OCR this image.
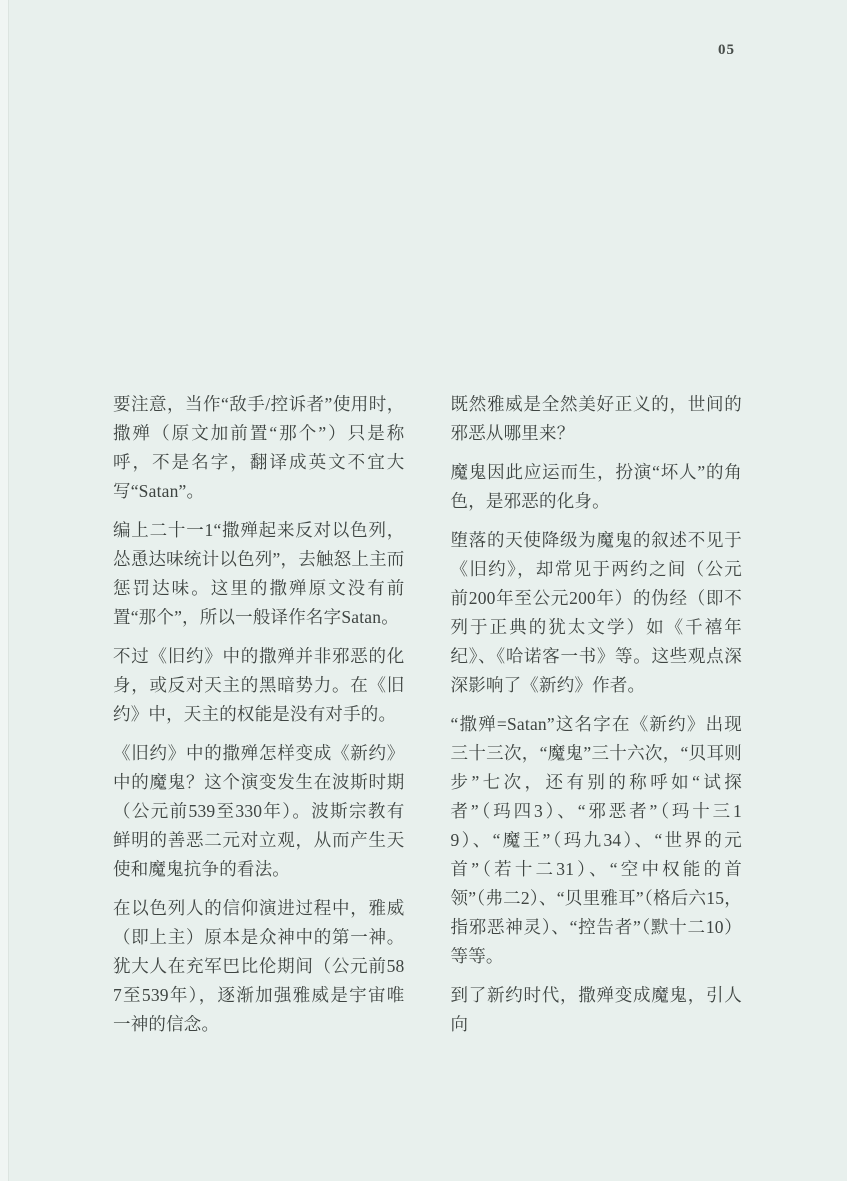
05

要注意，当作“敌手/控诉者”使用时，撒殚（原文加前置“那个”）只是称呼，不是名字，翻译成英文不宜大写“Satan”。

编上二十一1“撒殚起来反对以色列，怂恿达味统计以色列”，去触怒上主而惩罚达味。这里的撒殚原文没有前置“那个”，所以一般译作名字Satan。

不过《旧约》中的撒殚并非邪恶的化身，或反对天主的黑暗势力。在《旧约》中，天主的权能是没有对手的。

《旧约》中的撒殚怎样变成《新约》中的魔鬼？这个演变发生在波斯时期（公元前539至330年）。波斯宗教有鲜明的善恶二元对立观，从而产生天使和魔鬼抗争的看法。

在以色列人的信仰演进过程中，雅威（即上主）原本是众神中的第一神。犹大人在充军巴比伦期间（公元前587至539年），逐渐加强雅威是宇宙唯一神的信念。

既然雅威是全然美好正义的，世间的邪恶从哪里来？

魔鬼因此应运而生，扮演“坏人”的角色，是邪恶的化身。

堕落的天使降级为魔鬼的叙述不见于《旧约》，却常见于两约之间（公元前200年至公元200年）的伪经（即不列于正典的犹太文学）如《千禧年纪》、《哈诺客一书》等。这些观点深深影响了《新约》作者。

“撒殚=Satan”这名字在《新约》出现三十三次，“魔鬼”三十六次，“贝耳则步”七次，还有别的称呼如“试探者”（玛四3）、“邪恶者”（玛十三19）、“魔王”（玛九34）、“世界的元首”（若十二31）、“空中权能的首领”（弗二2）、“贝里雅耳”（格后六15，指邪恶神灵）、“控告者”（默十二10）等等。

到了新约时代，撒殚变成魔鬼，引人向
